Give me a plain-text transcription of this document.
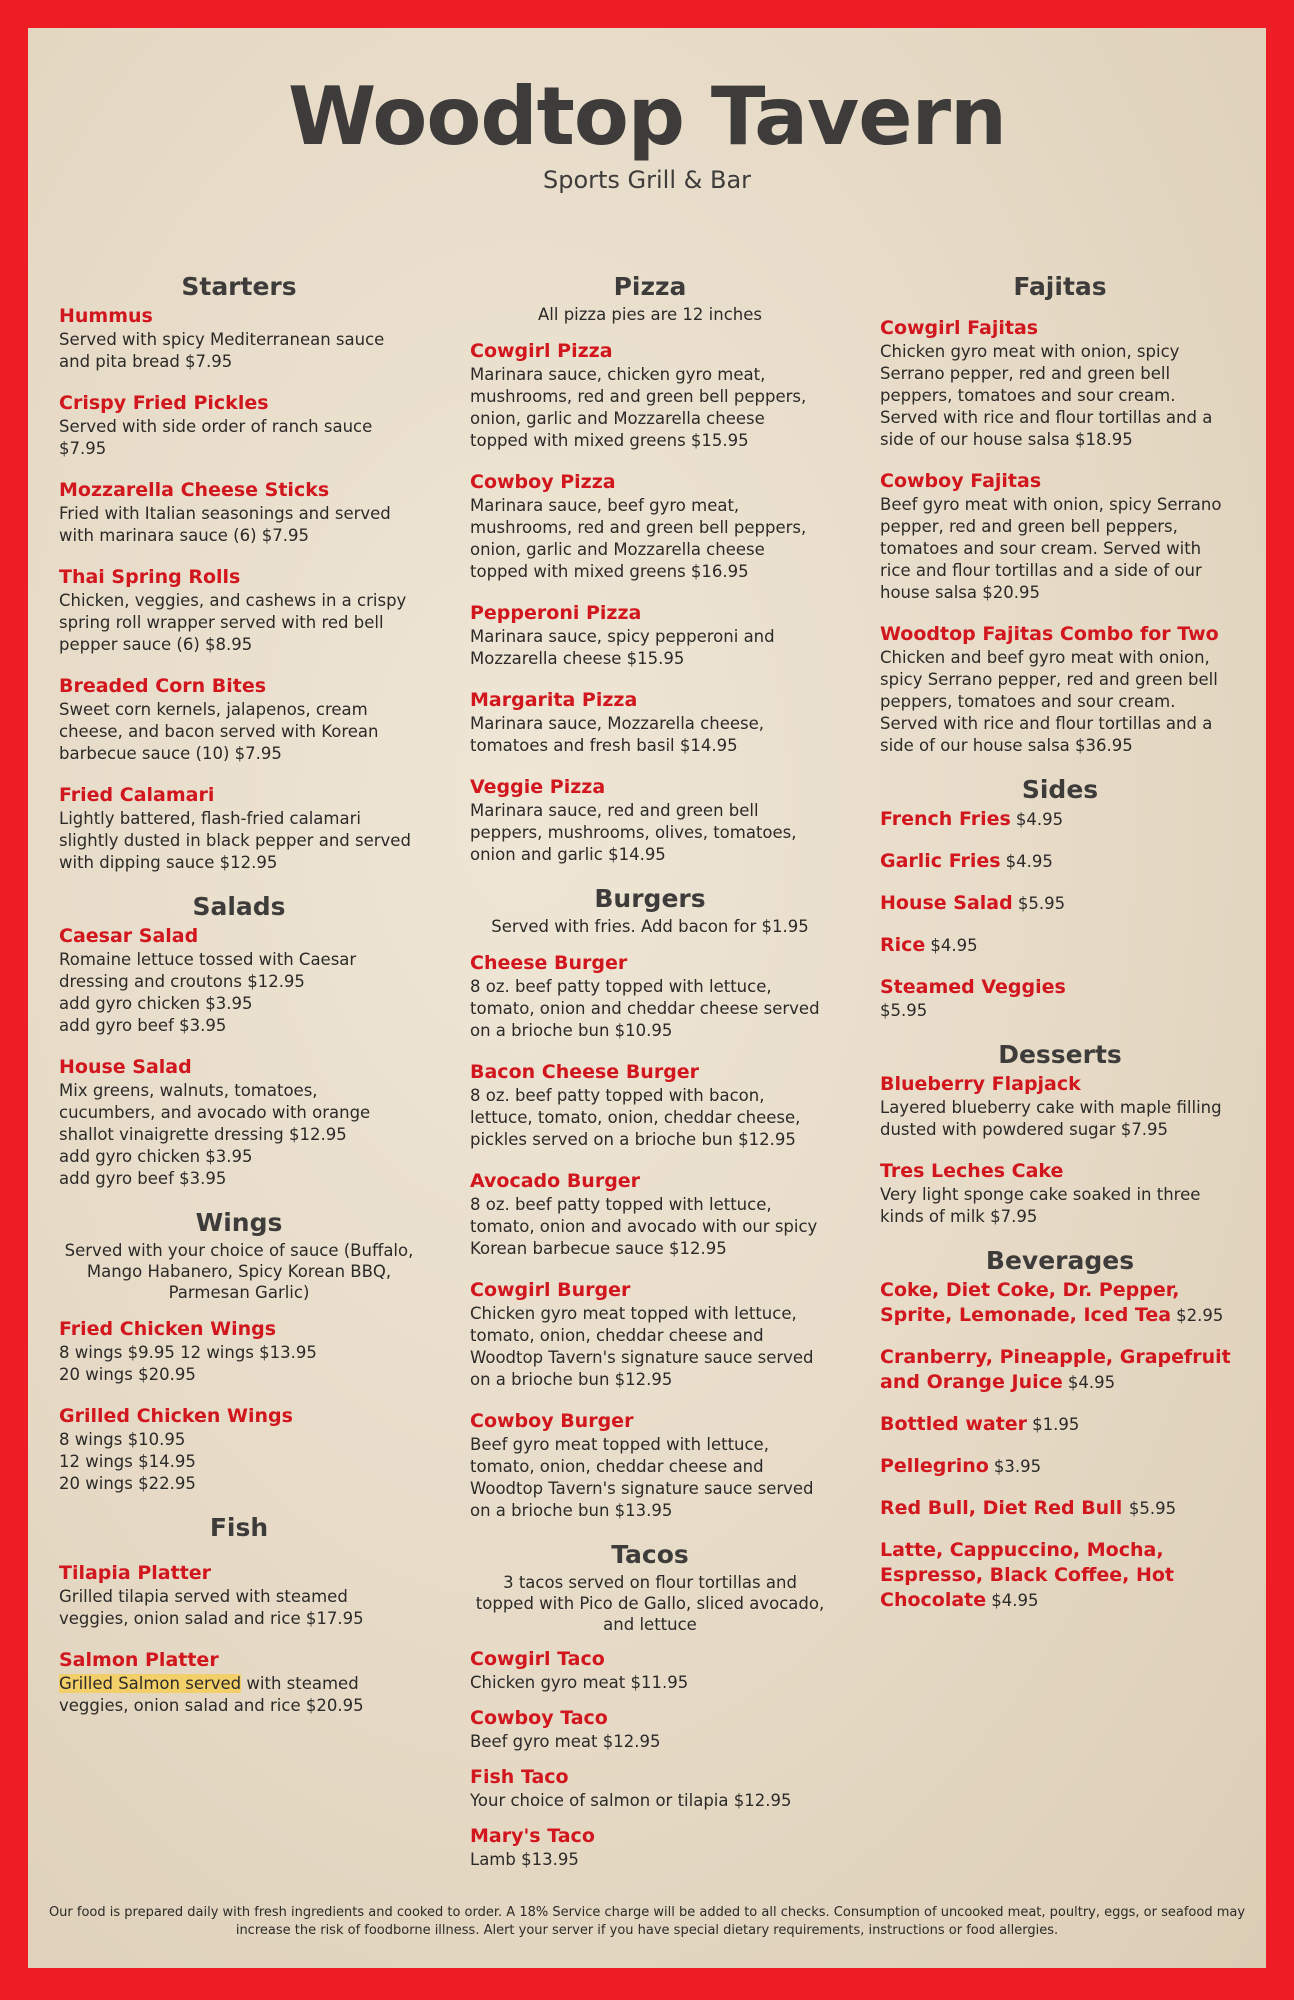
Woodtop Tavern
Sports Grill & Bar
Starters
Hummus
Served with spicy Mediterranean sauce
and pita bread $7.95
Crispy Fried Pickles
Served with side order of ranch sauce
$7.95
Mozzarella Cheese Sticks
Fried with Italian seasonings and served
with marinara sauce (6) $7.95
Thai Spring Rolls
Chicken, veggies, and cashews in a crispy
spring roll wrapper served with red bell
pepper sauce (6) $8.95
Breaded Corn Bites
Sweet corn kernels, jalapenos, cream
cheese, and bacon served with Korean
barbecue sauce (10) $7.95
Fried Calamari
Lightly battered, flash-fried calamari
slightly dusted in black pepper and served
with dipping sauce $12.95
Salads
Caesar Salad
Romaine lettuce tossed with Caesar
dressing and croutons $12.95
add gyro chicken $3.95
add gyro beef $3.95
House Salad
Mix greens, walnuts, tomatoes,
cucumbers, and avocado with orange
shallot vinaigrette dressing $12.95
add gyro chicken $3.95
add gyro beef $3.95
Wings
Served with your choice of sauce (Buffalo,
Mango Habanero, Spicy Korean BBQ,
Parmesan Garlic)
Fried Chicken Wings
8 wings $9.95 12 wings $13.95
20 wings $20.95
Grilled Chicken Wings
8 wings $10.95
12 wings $14.95
20 wings $22.95
Fish
Tilapia Platter
Grilled tilapia served with steamed
veggies, onion salad and rice $17.95
Salmon Platter
Grilled Salmon served with steamed
veggies, onion salad and rice $20.95
Pizza
All pizza pies are 12 inches
Cowgirl Pizza
Marinara sauce, chicken gyro meat,
mushrooms, red and green bell peppers,
onion, garlic and Mozzarella cheese
topped with mixed greens $15.95
Cowboy Pizza
Marinara sauce, beef gyro meat,
mushrooms, red and green bell peppers,
onion, garlic and Mozzarella cheese
topped with mixed greens $16.95
Pepperoni Pizza
Marinara sauce, spicy pepperoni and
Mozzarella cheese $15.95
Margarita Pizza
Marinara sauce, Mozzarella cheese,
tomatoes and fresh basil $14.95
Veggie Pizza
Marinara sauce, red and green bell
peppers, mushrooms, olives, tomatoes,
onion and garlic $14.95
Burgers
Served with fries. Add bacon for $1.95
Cheese Burger
8 oz. beef patty topped with lettuce,
tomato, onion and cheddar cheese served
on a brioche bun $10.95
Bacon Cheese Burger
8 oz. beef patty topped with bacon,
lettuce, tomato, onion, cheddar cheese,
pickles served on a brioche bun $12.95
Avocado Burger
8 oz. beef patty topped with lettuce,
tomato, onion and avocado with our spicy
Korean barbecue sauce $12.95
Cowgirl Burger
Chicken gyro meat topped with lettuce,
tomato, onion, cheddar cheese and
Woodtop Tavern's signature sauce served
on a brioche bun $12.95
Cowboy Burger
Beef gyro meat topped with lettuce,
tomato, onion, cheddar cheese and
Woodtop Tavern's signature sauce served
on a brioche bun $13.95
Tacos
3 tacos served on flour tortillas and
topped with Pico de Gallo, sliced avocado,
and lettuce
Cowgirl Taco
Chicken gyro meat $11.95
Cowboy Taco
Beef gyro meat $12.95
Fish Taco
Your choice of salmon or tilapia $12.95
Mary's Taco
Lamb $13.95
Fajitas
Cowgirl Fajitas
Chicken gyro meat with onion, spicy
Serrano pepper, red and green bell
peppers, tomatoes and sour cream.
Served with rice and flour tortillas and a
side of our house salsa $18.95
Cowboy Fajitas
Beef gyro meat with onion, spicy Serrano
pepper, red and green bell peppers,
tomatoes and sour cream. Served with
rice and flour tortillas and a side of our
house salsa $20.95
Woodtop Fajitas Combo for Two
Chicken and beef gyro meat with onion,
spicy Serrano pepper, red and green bell
peppers, tomatoes and sour cream.
Served with rice and flour tortillas and a
side of our house salsa $36.95
Sides
French Fries $4.95
Garlic Fries $4.95
House Salad $5.95
Rice $4.95
Steamed Veggies
$5.95
Desserts
Blueberry Flapjack
Layered blueberry cake with maple filling
dusted with powdered sugar $7.95
Tres Leches Cake
Very light sponge cake soaked in three
kinds of milk $7.95
Beverages
Coke, Diet Coke, Dr. Pepper, Sprite, Lemonade, Iced Tea $2.95
Cranberry, Pineapple, Grapefruit and Orange Juice $4.95
Bottled water $1.95
Pellegrino $3.95
Red Bull, Diet Red Bull $5.95
Latte, Cappuccino, Mocha, Espresso, Black Coffee, Hot Chocolate $4.95
Our food is prepared daily with fresh ingredients and cooked to order. A 18% Service charge will be added to all checks. Consumption of uncooked meat, poultry, eggs, or seafood may increase the risk of foodborne illness. Alert your server if you have special dietary requirements, instructions or food allergies.
